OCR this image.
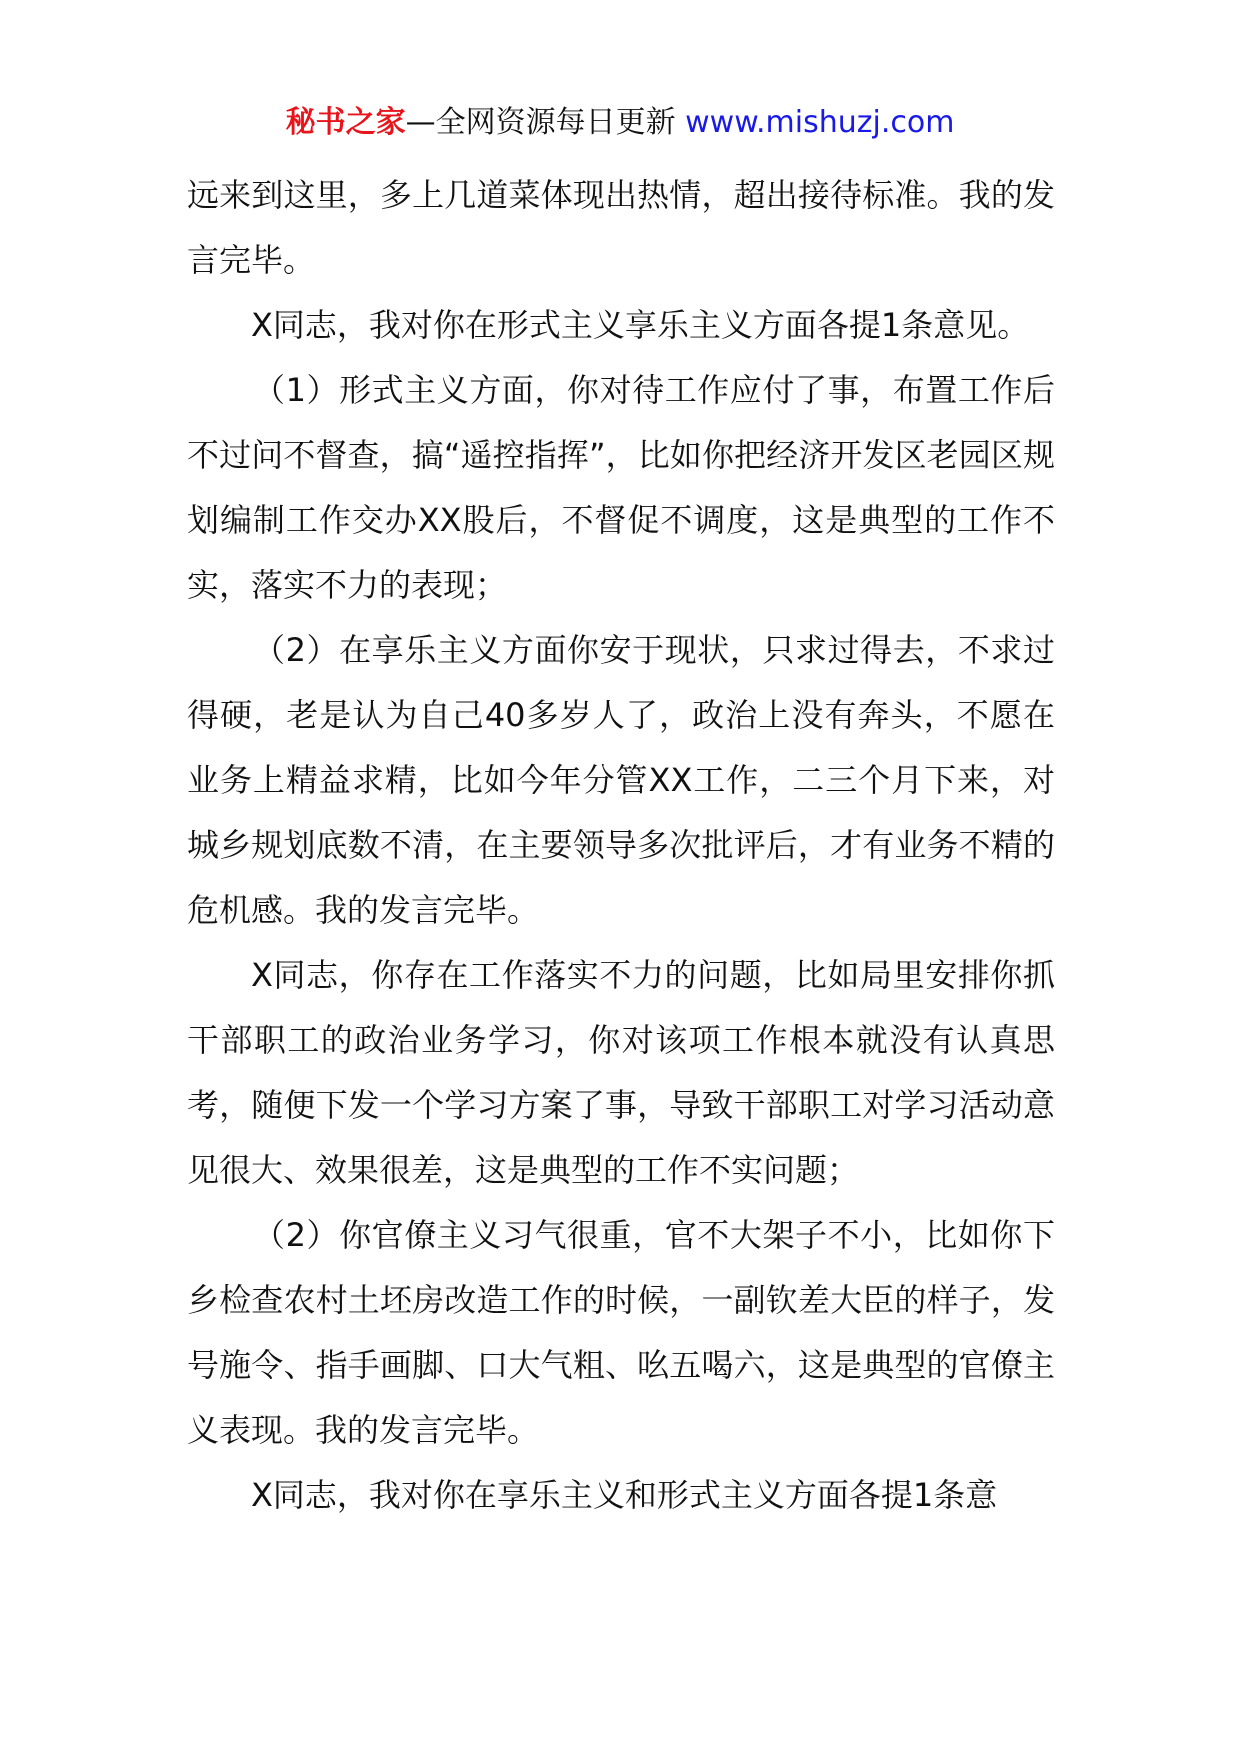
秘书之家—全网资源每日更新 www.mishuzj.com

远来到这里，多上几道菜体现出热情，超出接待标准。我的发言完毕。

X同志，我对你在形式主义享乐主义方面各提1条意见。

（1）形式主义方面，你对待工作应付了事，布置工作后不过问不督查，搞“遥控指挥”，比如你把经济开发区老园区规划编制工作交办XX股后，不督促不调度，这是典型的工作不实，落实不力的表现；

（2）在享乐主义方面你安于现状，只求过得去，不求过得硬，老是认为自己40多岁人了，政治上没有奔头，不愿在业务上精益求精，比如今年分管XX工作，二三个月下来，对城乡规划底数不清，在主要领导多次批评后，才有业务不精的危机感。我的发言完毕。

X同志，你存在工作落实不力的问题，比如局里安排你抓干部职工的政治业务学习，你对该项工作根本就没有认真思考，随便下发一个学习方案了事，导致干部职工对学习活动意见很大、效果很差，这是典型的工作不实问题；

（2）你官僚主义习气很重，官不大架子不小，比如你下乡检查农村土坯房改造工作的时候，一副钦差大臣的样子，发号施令、指手画脚、口大气粗、吆五喝六，这是典型的官僚主义表现。我的发言完毕。

X同志，我对你在享乐主义和形式主义方面各提1条意
